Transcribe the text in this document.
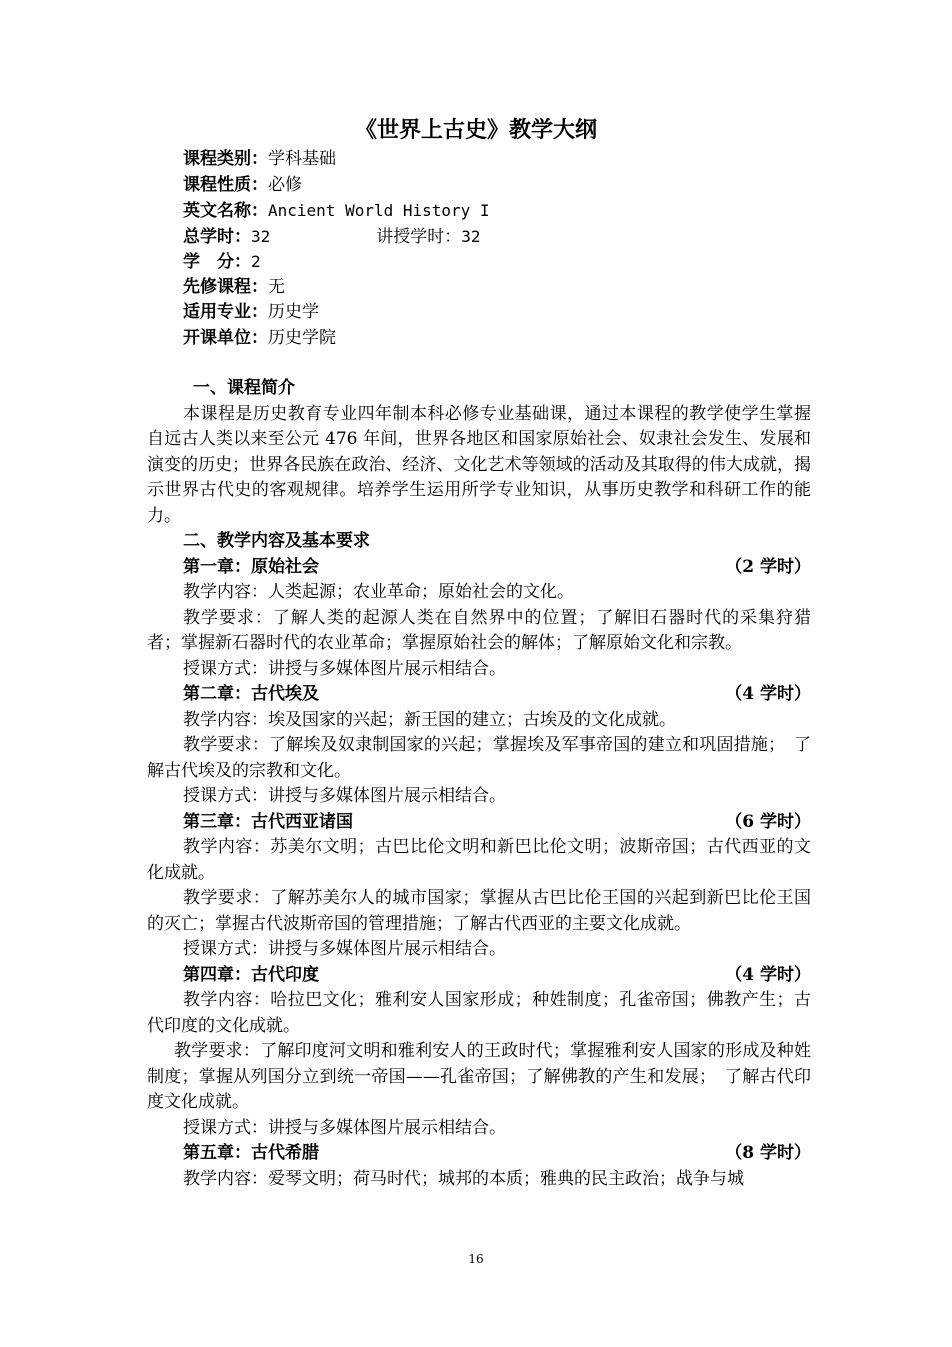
《世界上古史》教学大纲
课程类别：学科基础
课程性质：必修
英文名称：Ancient World History I
总学时：32	讲授学时：32
学　分：2
先修课程：无
适用专业：历史学
开课单位：历史学院
一、课程简介

本课程是历史教育专业四年制本科必修专业基础课，通过本课程的教学使学生掌握自远古人类以来至公元 476 年间，世界各地区和国家原始社会、奴隶社会发生、发展和演变的历史；世界各民族在政治、经济、文化艺术等领域的活动及其取得的伟大成就，揭示世界古代史的客观规律。培养学生运用所学专业知识，从事历史教学和科研工作的能力。

二、教学内容及基本要求
第一章：原始社会	（2 学时）

教学内容：人类起源；农业革命；原始社会的文化。

教学要求：了解人类的起源人类在自然界中的位置；了解旧石器时代的采集狩猎者；掌握新石器时代的农业革命；掌握原始社会的解体；了解原始文化和宗教。

授课方式：讲授与多媒体图片展示相结合。

第二章：古代埃及	（4 学时）

教学内容：埃及国家的兴起；新王国的建立；古埃及的文化成就。

教学要求：了解埃及奴隶制国家的兴起；掌握埃及军事帝国的建立和巩固措施；　了解古代埃及的宗教和文化。

授课方式：讲授与多媒体图片展示相结合。

第三章：古代西亚诸国	（6 学时）

教学内容：苏美尔文明；古巴比伦文明和新巴比伦文明；波斯帝国；古代西亚的文化成就。

教学要求：了解苏美尔人的城市国家；掌握从古巴比伦王国的兴起到新巴比伦王国的灭亡；掌握古代波斯帝国的管理措施；了解古代西亚的主要文化成就。

授课方式：讲授与多媒体图片展示相结合。

第四章：古代印度	（4 学时）

教学内容：哈拉巴文化；雅利安人国家形成；种姓制度；孔雀帝国；佛教产生；古代印度的文化成就。

教学要求：了解印度河文明和雅利安人的王政时代；掌握雅利安人国家的形成及种姓制度；掌握从列国分立到统一帝国——孔雀帝国；了解佛教的产生和发展；　了解古代印度文化成就。

授课方式：讲授与多媒体图片展示相结合。

第五章：古代希腊	（8 学时）

教学内容：爱琴文明；荷马时代；城邦的本质；雅典的民主政治；战争与城

16
